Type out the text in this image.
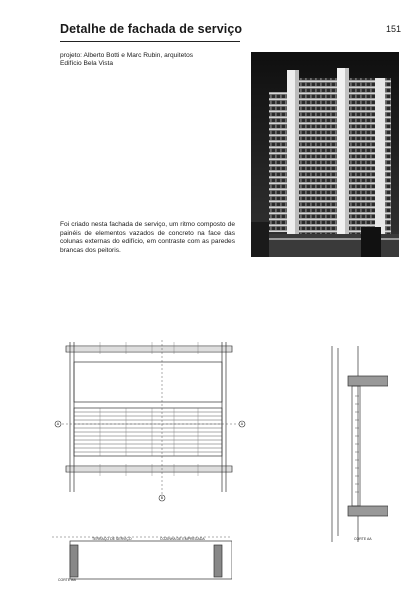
Detalhe de fachada de serviço	151
projeto: Alberto Botti e Marc Rubin, arquitetos
Edifício Bela Vista
Foi criado nesta fachada de serviço, um ritmo composto de painéis de elementos vazados de concreto na face das colunas externas do edifício, em contraste com as paredes brancas dos peitoris.
A	A
B
TERRAÇO DE SERVIÇO	COZINHA DE EMPREGADA
CORTE BB
CORTE AA
